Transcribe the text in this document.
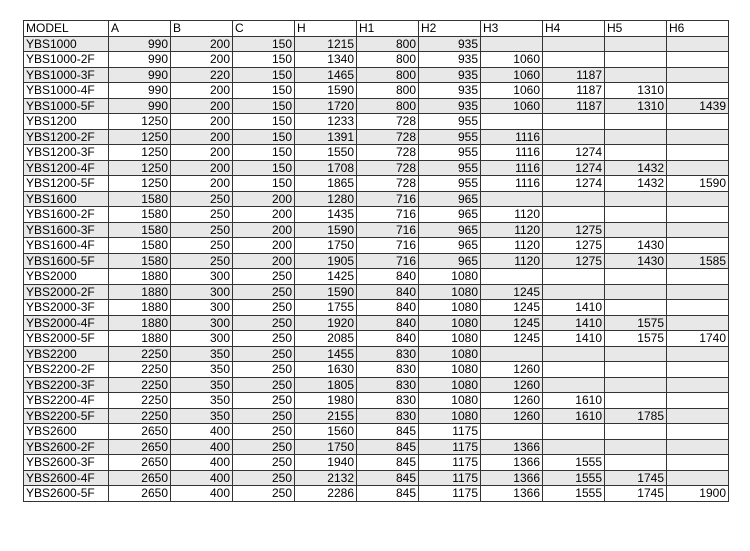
MODEL	A	B	C	H	H1	H2	H3	H4	H5	H6
YBS1000	990	200	150	1215	800	935				
YBS1000-2F	990	200	150	1340	800	935	1060			
YBS1000-3F	990	220	150	1465	800	935	1060	1187		
YBS1000-4F	990	200	150	1590	800	935	1060	1187	1310	
YBS1000-5F	990	200	150	1720	800	935	1060	1187	1310	1439
YBS1200	1250	200	150	1233	728	955				
YBS1200-2F	1250	200	150	1391	728	955	1116			
YBS1200-3F	1250	200	150	1550	728	955	1116	1274		
YBS1200-4F	1250	200	150	1708	728	955	1116	1274	1432	
YBS1200-5F	1250	200	150	1865	728	955	1116	1274	1432	1590
YBS1600	1580	250	200	1280	716	965				
YBS1600-2F	1580	250	200	1435	716	965	1120			
YBS1600-3F	1580	250	200	1590	716	965	1120	1275		
YBS1600-4F	1580	250	200	1750	716	965	1120	1275	1430	
YBS1600-5F	1580	250	200	1905	716	965	1120	1275	1430	1585
YBS2000	1880	300	250	1425	840	1080				
YBS2000-2F	1880	300	250	1590	840	1080	1245			
YBS2000-3F	1880	300	250	1755	840	1080	1245	1410		
YBS2000-4F	1880	300	250	1920	840	1080	1245	1410	1575	
YBS2000-5F	1880	300	250	2085	840	1080	1245	1410	1575	1740
YBS2200	2250	350	250	1455	830	1080				
YBS2200-2F	2250	350	250	1630	830	1080	1260			
YBS2200-3F	2250	350	250	1805	830	1080	1260			
YBS2200-4F	2250	350	250	1980	830	1080	1260	1610		
YBS2200-5F	2250	350	250	2155	830	1080	1260	1610	1785	
YBS2600	2650	400	250	1560	845	1175				
YBS2600-2F	2650	400	250	1750	845	1175	1366			
YBS2600-3F	2650	400	250	1940	845	1175	1366	1555		
YBS2600-4F	2650	400	250	2132	845	1175	1366	1555	1745	
YBS2600-5F	2650	400	250	2286	845	1175	1366	1555	1745	1900
